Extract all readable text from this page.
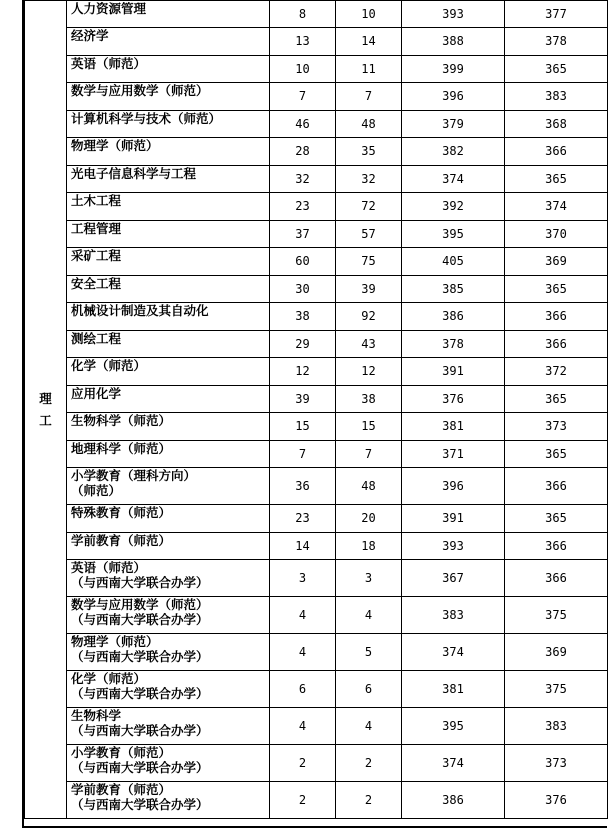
理工	人力资源管理	8	10	393	377

	经济学	13	14	388	378

	英语（师范）	10	11	399	365

	数学与应用数学（师范）	7	7	396	383

	计算机科学与技术（师范）	46	48	379	368

	物理学（师范）	28	35	382	366

	光电子信息科学与工程	32	32	374	365

	土木工程	23	72	392	374

	工程管理	37	57	395	370

	采矿工程	60	75	405	369

	安全工程	30	39	385	365

	机械设计制造及其自动化	38	92	386	366

	测绘工程	29	43	378	366

	化学（师范）	12	12	391	372

	应用化学	39	38	376	365

	生物科学（师范）	15	15	381	373

	地理科学（师范）	7	7	371	365

	小学教育（理科方向）
（师范）	36	48	396	366

	特殊教育（师范）	23	20	391	365

	学前教育（师范）	14	18	393	366

	英语（师范）
（与西南大学联合办学）	3	3	367	366

	数学与应用数学（师范）
（与西南大学联合办学）	4	4	383	375

	物理学（师范）
（与西南大学联合办学）	4	5	374	369

	化学（师范）
（与西南大学联合办学）	6	6	381	375

	生物科学
（与西南大学联合办学）	4	4	395	383

	小学教育（师范）
（与西南大学联合办学）	2	2	374	373

	学前教育（师范）
（与西南大学联合办学）	2	2	386	376
